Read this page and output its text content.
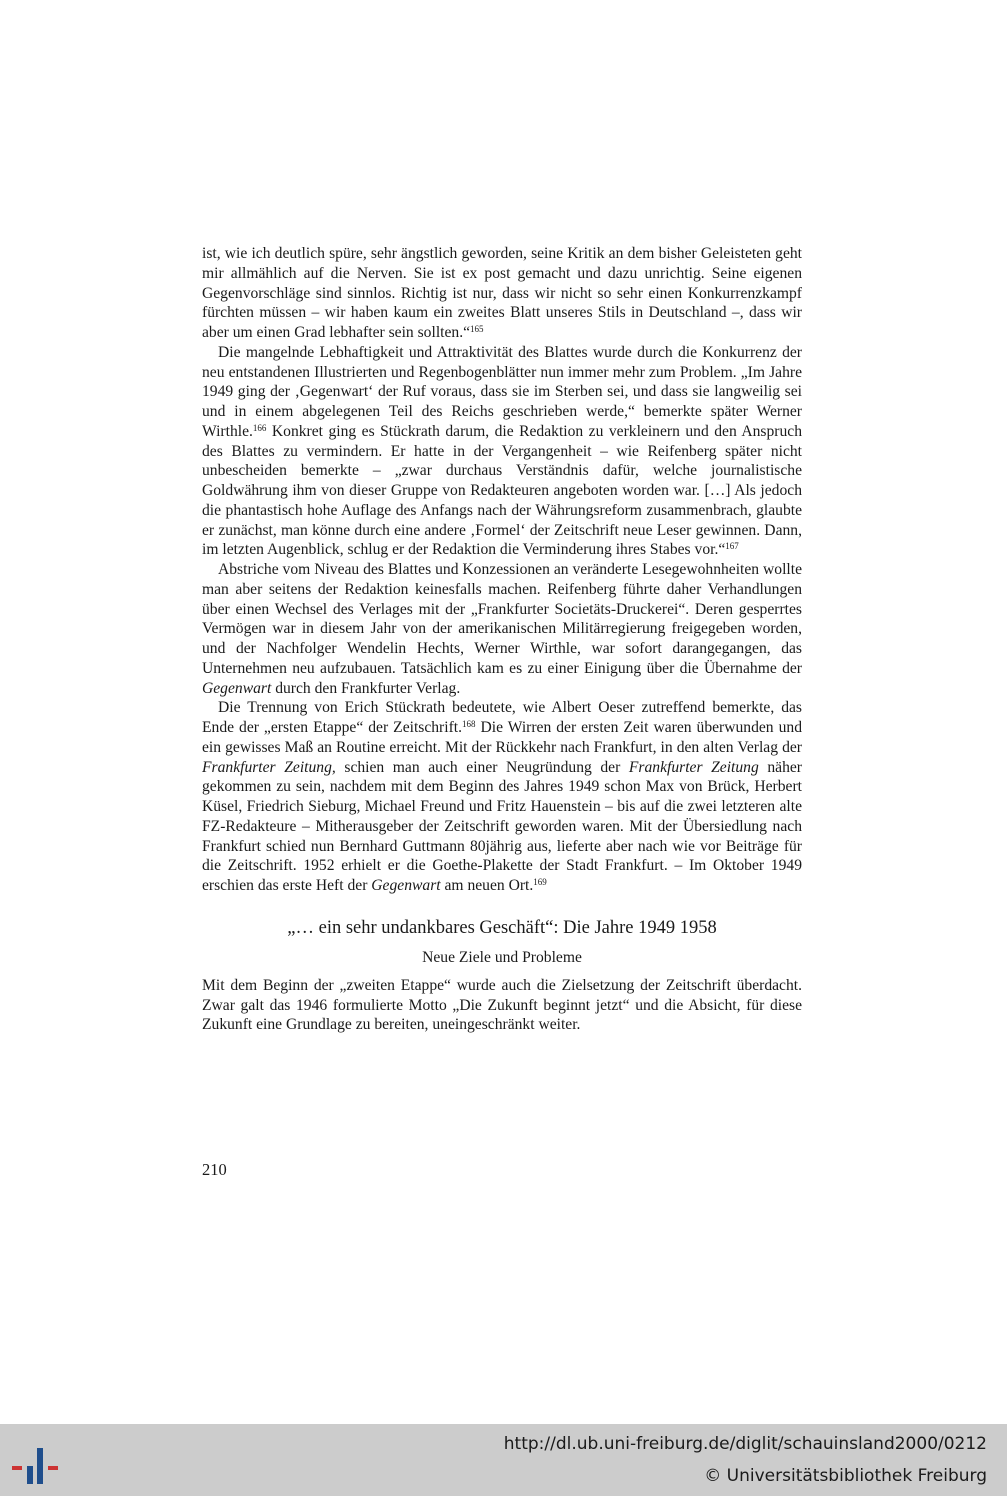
ist, wie ich deutlich spüre, sehr ängstlich geworden, seine Kritik an dem bisher Geleisteten geht mir allmählich auf die Nerven. Sie ist ex post gemacht und dazu unrichtig. Seine eigenen Gegenvorschläge sind sinnlos. Richtig ist nur, dass wir nicht so sehr einen Konkurrenzkampf fürchten müssen – wir haben kaum ein zweites Blatt unseres Stils in Deutschland –, dass wir aber um einen Grad lebhafter sein sollten.“$^{165}$

Die mangelnde Lebhaftigkeit und Attraktivität des Blattes wurde durch die Konkurrenz der neu entstandenen Illustrierten und Regenbogenblätter nun immer mehr zum Problem. „Im Jahre 1949 ging der ‚Gegenwart‘ der Ruf voraus, dass sie im Sterben sei, und dass sie langweilig sei und in einem abgelegenen Teil des Reichs geschrieben werde,“ bemerkte später Werner Wirthle.$^{166}$ Konkret ging es Stückrath darum, die Redaktion zu verkleinern und den Anspruch des Blattes zu vermindern. Er hatte in der Vergangenheit – wie Reifenberg später nicht unbescheiden bemerkte – „zwar durchaus Verständnis dafür, welche journalistische Goldwährung ihm von dieser Gruppe von Redakteuren angeboten worden war. […] Als jedoch die phantastisch hohe Auflage des Anfangs nach der Währungsreform zusammenbrach, glaubte er zunächst, man könne durch eine andere ‚Formel‘ der Zeitschrift neue Leser gewinnen. Dann, im letzten Augenblick, schlug er der Redaktion die Verminderung ihres Stabes vor.“$^{167}$

Abstriche vom Niveau des Blattes und Konzessionen an veränderte Lesegewohnheiten wollte man aber seitens der Redaktion keinesfalls machen. Reifenberg führte daher Verhandlungen über einen Wechsel des Verlages mit der „Frankfurter Societäts-Druckerei“. Deren gesperrtes Vermögen war in diesem Jahr von der amerikanischen Militärregierung freigegeben worden, und der Nachfolger Wendelin Hechts, Werner Wirthle, war sofort darangegangen, das Unternehmen neu aufzubauen. Tatsächlich kam es zu einer Einigung über die Übernahme der Gegenwart durch den Frankfurter Verlag.

Die Trennung von Erich Stückrath bedeutete, wie Albert Oeser zutreffend bemerkte, das Ende der „ersten Etappe“ der Zeitschrift.$^{168}$ Die Wirren der ersten Zeit waren überwunden und ein gewisses Maß an Routine erreicht. Mit der Rückkehr nach Frankfurt, in den alten Verlag der Frankfurter Zeitung, schien man auch einer Neugründung der Frankfurter Zeitung näher gekommen zu sein, nachdem mit dem Beginn des Jahres 1949 schon Max von Brück, Herbert Küsel, Friedrich Sieburg, Michael Freund und Fritz Hauenstein – bis auf die zwei letzteren alte FZ-Redakteure – Mitherausgeber der Zeitschrift geworden waren. Mit der Übersiedlung nach Frankfurt schied nun Bernhard Guttmann 80jährig aus, lieferte aber nach wie vor Beiträge für die Zeitschrift. 1952 erhielt er die Goethe-Plakette der Stadt Frankfurt. – Im Oktober 1949 erschien das erste Heft der Gegenwart am neuen Ort.$^{169}$

„… ein sehr undankbares Geschäft“: Die Jahre 1949 1958
Neue Ziele und Probleme

Mit dem Beginn der „zweiten Etappe“ wurde auch die Zielsetzung der Zeitschrift überdacht. Zwar galt das 1946 formulierte Motto „Die Zukunft beginnt jetzt“ und die Absicht, für diese Zukunft eine Grundlage zu bereiten, uneingeschränkt weiter.

210
http://dl.ub.uni-freiburg.de/diglit/schauinsland2000/0212
© Universitätsbibliothek Freiburg
